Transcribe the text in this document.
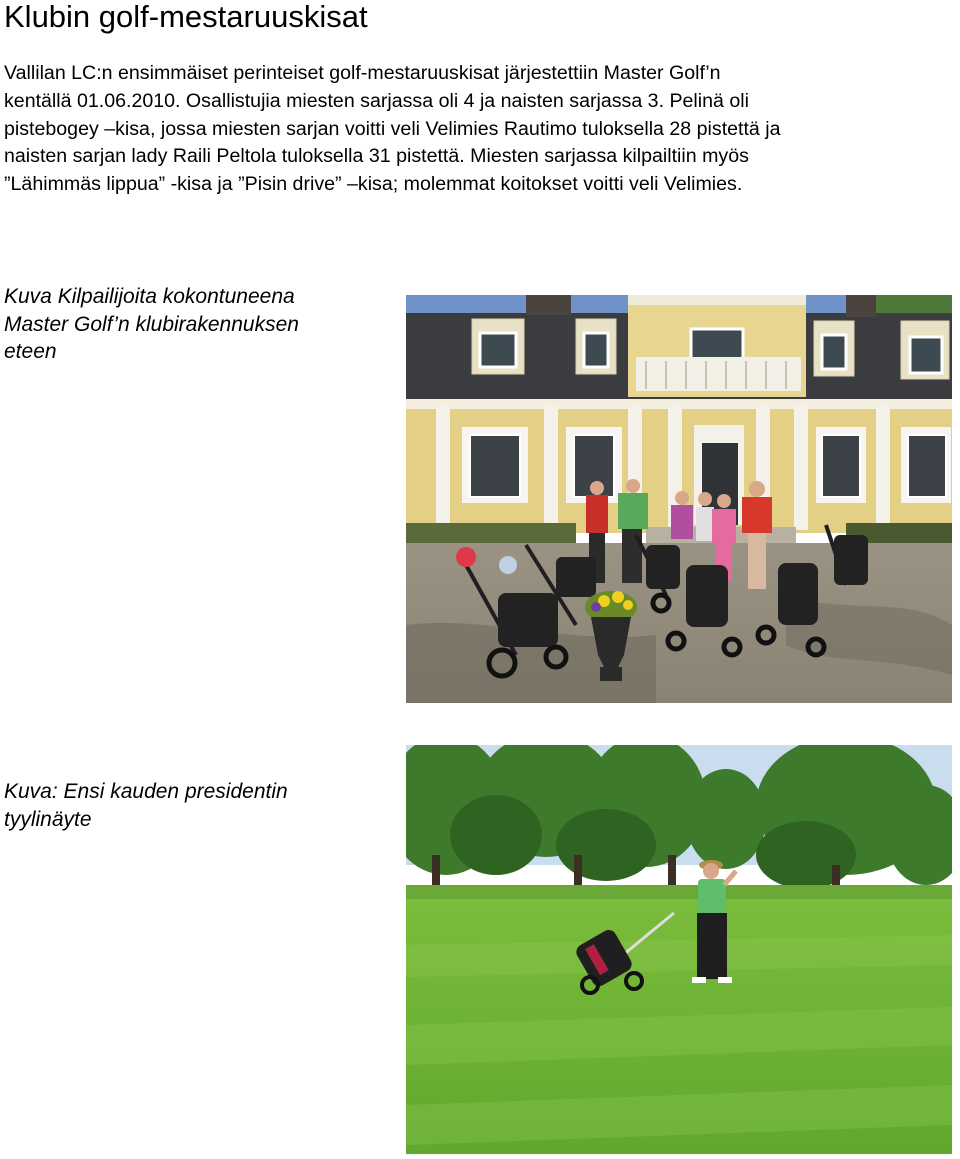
Klubin golf-mestaruuskisat
Vallilan LC:n ensimmäiset perinteiset golf-mestaruuskisat järjestettiin Master Golf’n
kentällä 01.06.2010. Osallistujia miesten sarjassa oli 4 ja naisten sarjassa 3. Pelinä oli
pistebogey –kisa, jossa miesten sarjan voitti veli Velimies Rautimo tuloksella 28 pistettä ja
naisten sarjan lady Raili Peltola tuloksella 31 pistettä. Miesten sarjassa kilpailtiin myös
”Lähimmäs lippua” -kisa ja ”Pisin drive” –kisa; molemmat koitokset voitti veli Velimies.
Kuva Kilpailijoita kokontuneena
Master Golf’n klubirakennuksen
eteen
Kuva: Ensi kauden presidentin
tyylinäyte
